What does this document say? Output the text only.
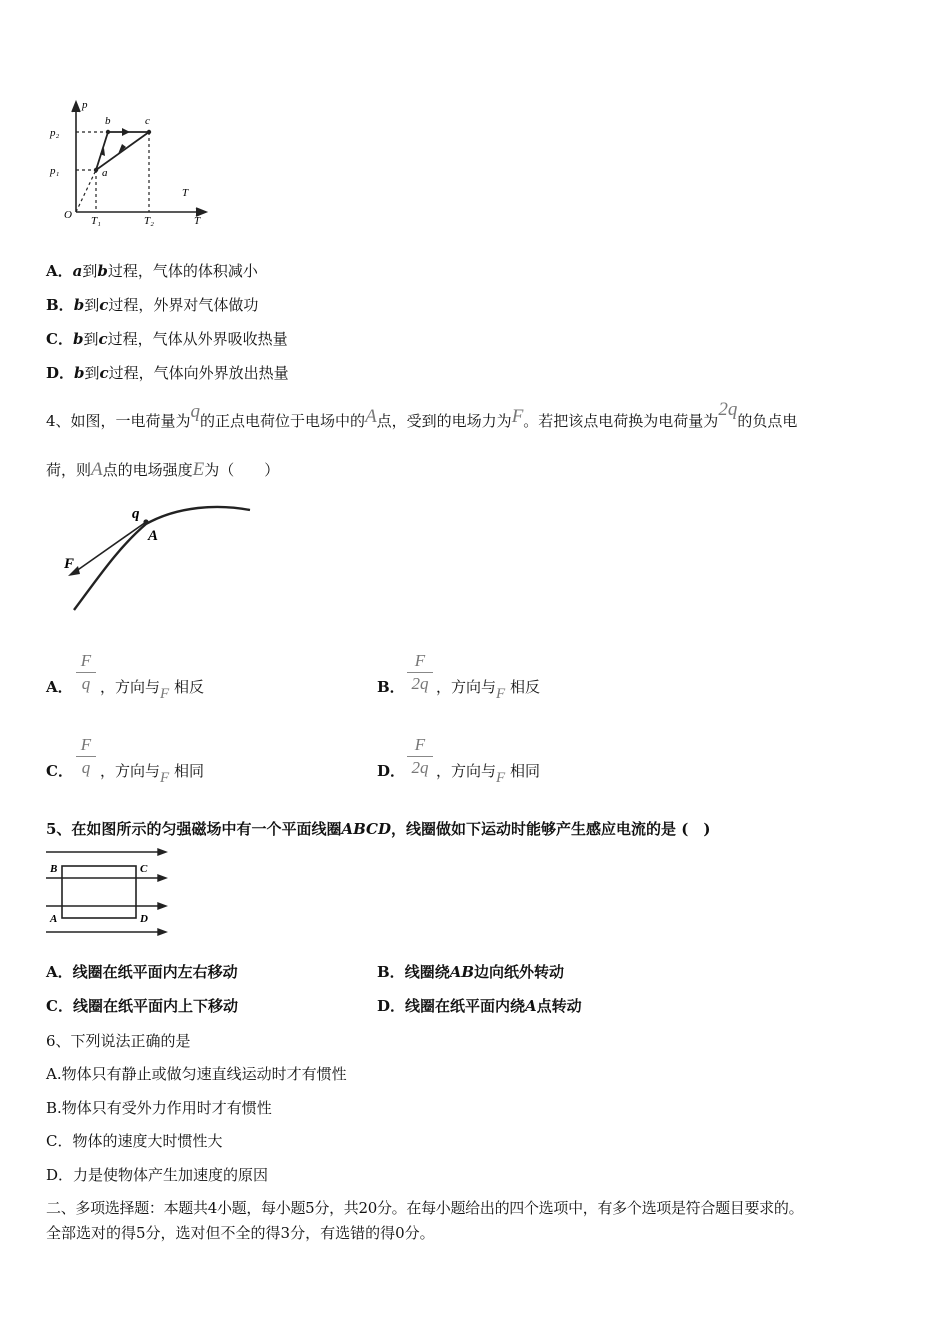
p
p₂
p₁
O T₁	T₂	T
T
a
b	c
A．a到b过程，气体的体积减小
B．b到c过程，外界对气体做功
C．b到c过程，气体从外界吸收热量
D．b到c过程，气体向外界放出热量
4、如图，一电荷量为q的正点电荷位于电场中的A点，受到的电场力为F。若把该点电荷换为电荷量为2q的负点电
荷，则A点的电场强度E为（　　）
q
A
F
A．
F
q ，方向与F 相反	B．
F
2q ，方向与F 相反
C．
F
q ，方向与F 相同	D．
F
2q ，方向与F 相同
5、在如图所示的匀强磁场中有一个平面线圈ABCD，线圈做如下运动时能够产生感应电流的是 (　)
B	C
A	D
A．线圈在纸平面内左右移动	B．线圈绕AB边向纸外转动
C．线圈在纸平面内上下移动	D．线圈在纸平面内绕A点转动
6、下列说法正确的是
A.物体只有静止或做匀速直线运动时才有惯性
B.物体只有受外力作用时才有惯性
C．物体的速度大时惯性大
D．力是使物体产生加速度的原因
二、多项选择题：本题共4小题，每小题5分，共20分。在每小题给出的四个选项中，有多个选项是符合题目要求的。
全部选对的得5分，选对但不全的得3分，有选错的得0分。
